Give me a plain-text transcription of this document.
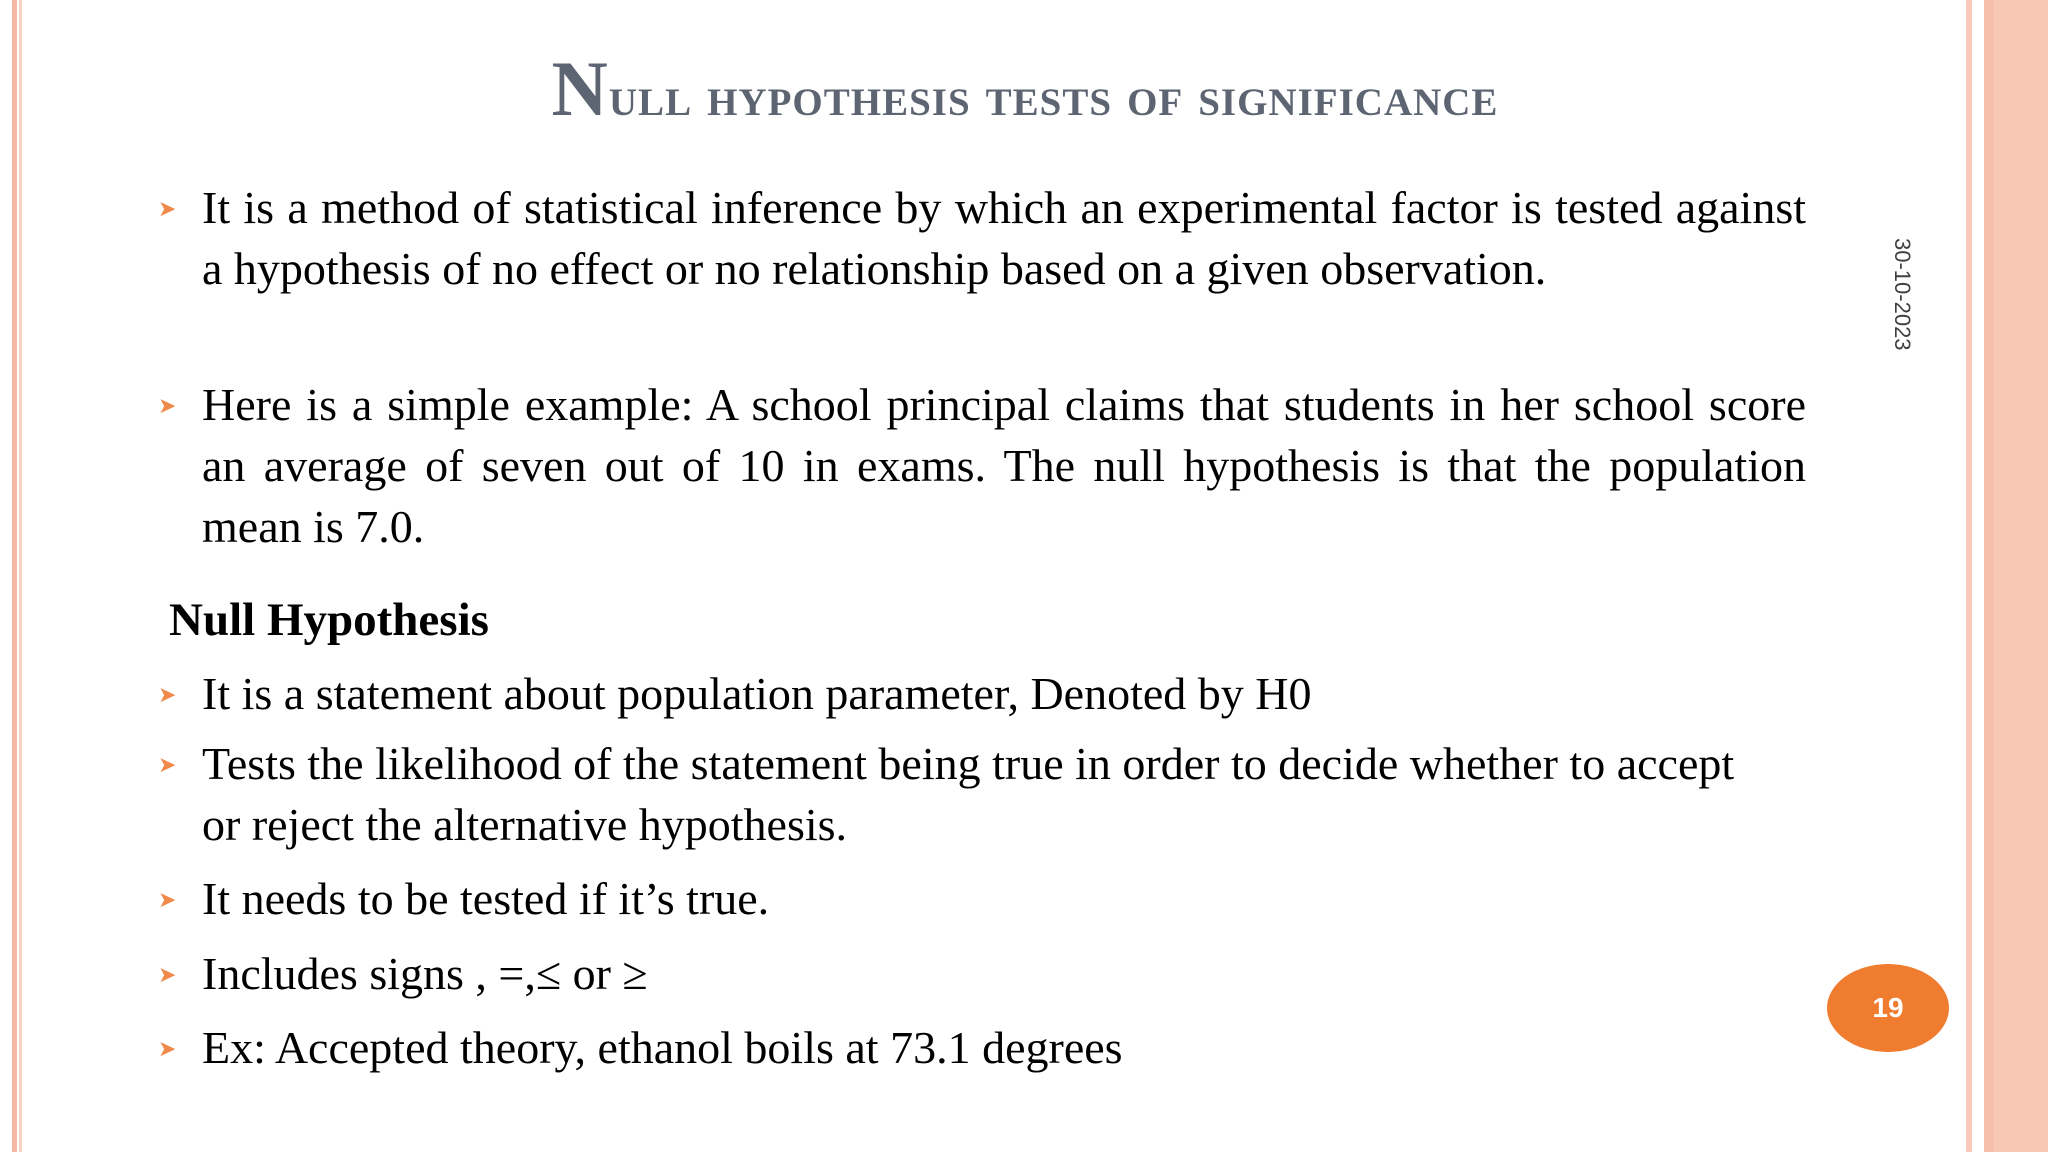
Null hypothesis tests of significance
➤ It is a method of statistical inference by which an experimental factor is tested against a hypothesis of no effect or no relationship based on a given observation.
➤ Here is a simple example: A school principal claims that students in her school score an average of seven out of 10 in exams. The null hypothesis is that the population mean is 7.0.
Null Hypothesis
➤ It is a statement about population parameter, Denoted by H0
➤ Tests the likelihood of the statement being true in order to decide whether to accept or reject the alternative hypothesis.
➤ It needs to be tested if it’s true.
➤ Includes signs , =,≤ or ≥
➤ Ex: Accepted theory, ethanol boils at 73.1 degrees
30-10-2023
19
